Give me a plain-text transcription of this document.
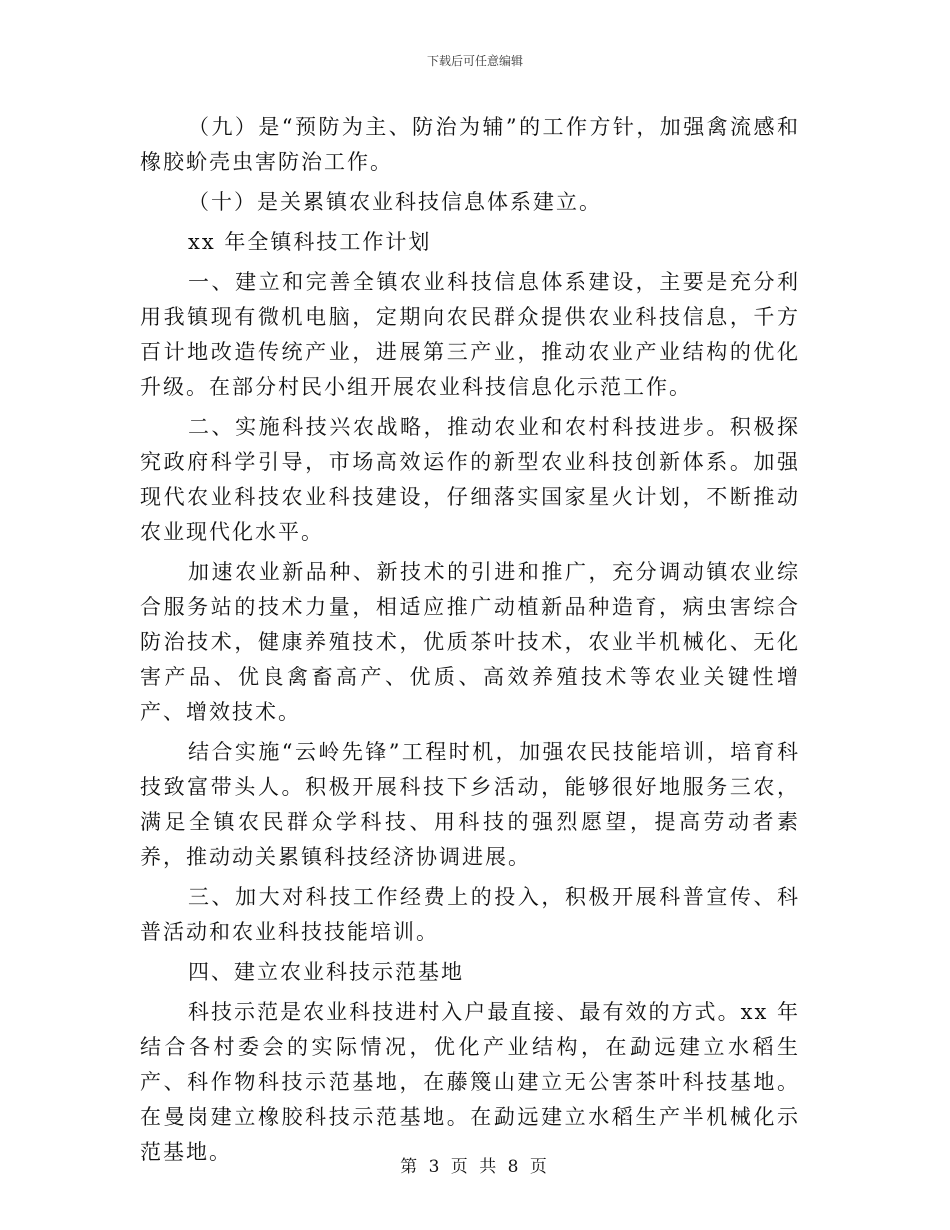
下载后可任意编辑

（九）是“预防为主、防治为辅”的工作方针，加强禽流感和橡胶蚧壳虫害防治工作。

（十）是关累镇农业科技信息体系建立。

xx 年全镇科技工作计划

一、建立和完善全镇农业科技信息体系建设，主要是充分利用我镇现有微机电脑，定期向农民群众提供农业科技信息，千方百计地改造传统产业，进展第三产业，推动农业产业结构的优化升级。在部分村民小组开展农业科技信息化示范工作。

二、实施科技兴农战略，推动农业和农村科技进步。积极探究政府科学引导，市场高效运作的新型农业科技创新体系。加强现代农业科技农业科技建设，仔细落实国家星火计划，不断推动农业现代化水平。

加速农业新品种、新技术的引进和推广，充分调动镇农业综合服务站的技术力量，相适应推广动植新品种造育，病虫害综合防治技术，健康养殖技术，优质茶叶技术，农业半机械化、无化害产品、优良禽畜高产、优质、高效养殖技术等农业关键性增产、增效技术。

结合实施“云岭先锋”工程时机，加强农民技能培训，培育科技致富带头人。积极开展科技下乡活动，能够很好地服务三农，满足全镇农民群众学科技、用科技的强烈愿望，提高劳动者素养，推动动关累镇科技经济协调进展。

三、加大对科技工作经费上的投入，积极开展科普宣传、科普活动和农业科技技能培训。

四、建立农业科技示范基地

科技示范是农业科技进村入户最直接、最有效的方式。xx 年结合各村委会的实际情况，优化产业结构，在勐远建立水稻生产、科作物科技示范基地，在藤篾山建立无公害茶叶科技基地。在曼岗建立橡胶科技示范基地。在勐远建立水稻生产半机械化示范基地。

第 3 页 共 8 页
